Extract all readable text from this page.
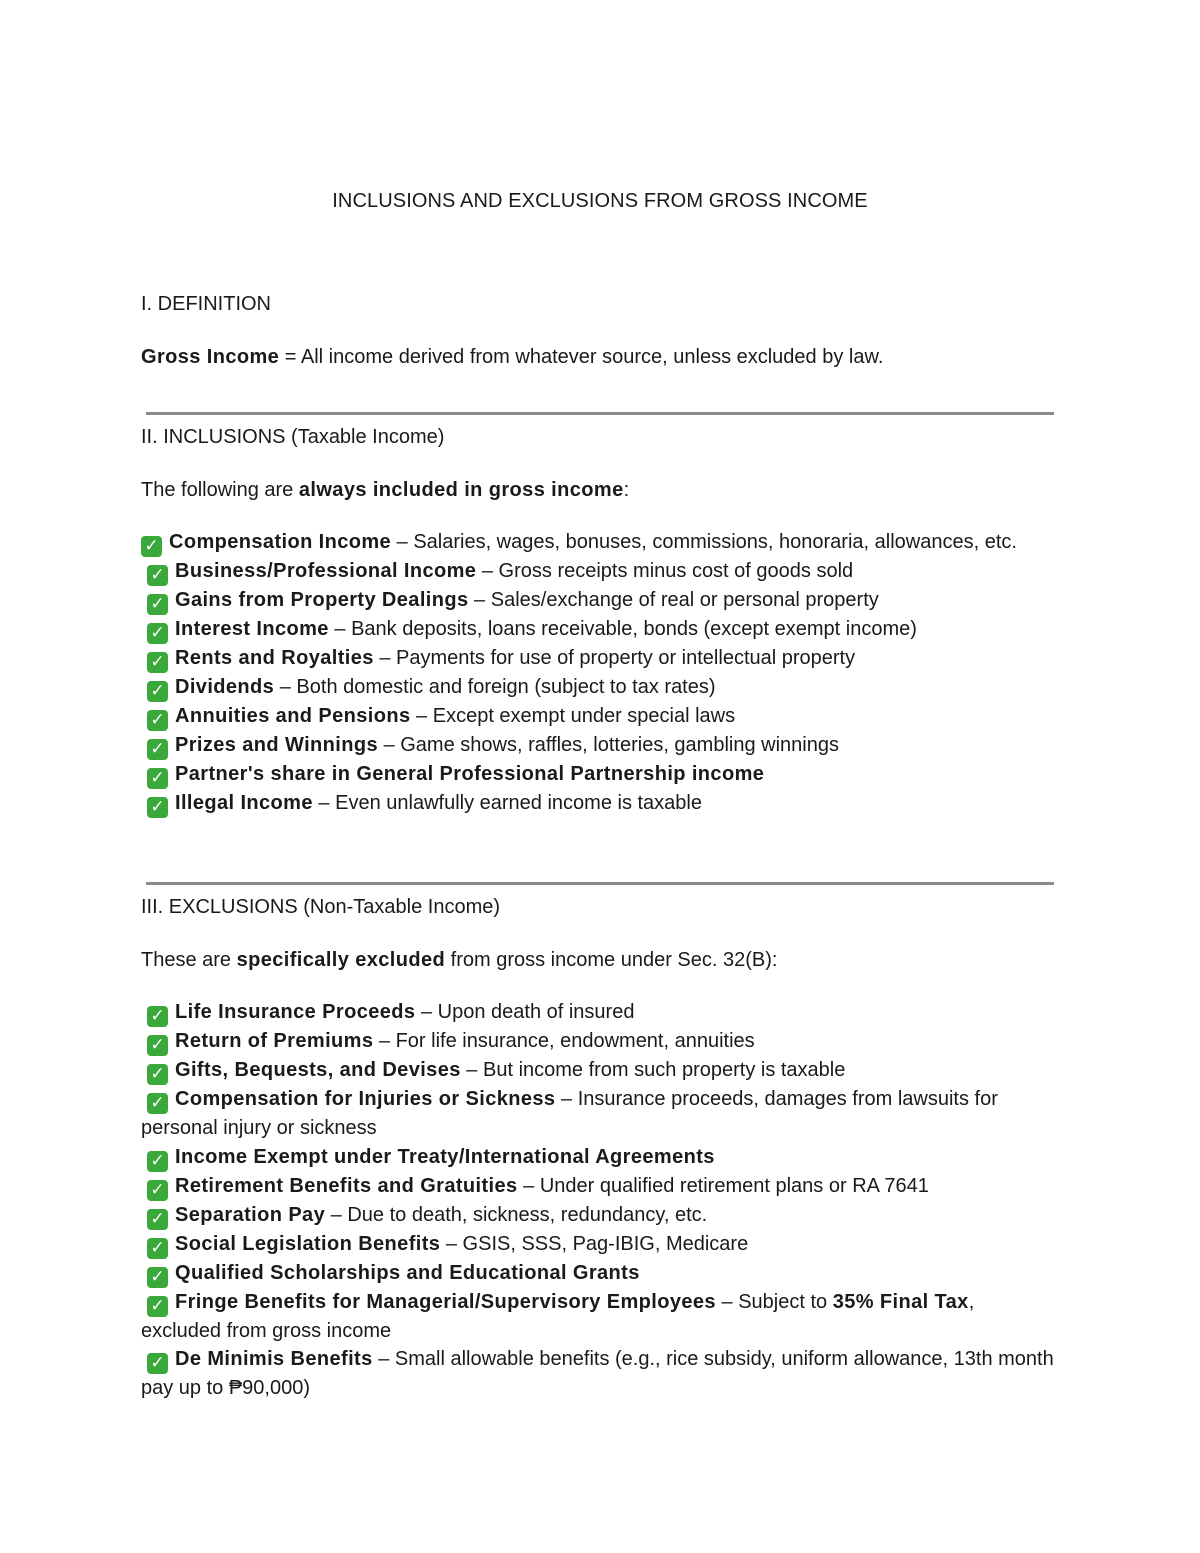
INCLUSIONS AND EXCLUSIONS FROM GROSS INCOME
I. DEFINITION
Gross Income = All income derived from whatever source, unless excluded by law.
II. INCLUSIONS (Taxable Income)
The following are always included in gross income:
✓ Compensation Income – Salaries, wages, bonuses, commissions, honoraria, allowances, etc.
✓ Business/Professional Income – Gross receipts minus cost of goods sold
✓ Gains from Property Dealings – Sales/exchange of real or personal property
✓ Interest Income – Bank deposits, loans receivable, bonds (except exempt income)
✓ Rents and Royalties – Payments for use of property or intellectual property
✓ Dividends – Both domestic and foreign (subject to tax rates)
✓ Annuities and Pensions – Except exempt under special laws
✓ Prizes and Winnings – Game shows, raffles, lotteries, gambling winnings
✓ Partner's share in General Professional Partnership income
✓ Illegal Income – Even unlawfully earned income is taxable
III. EXCLUSIONS (Non-Taxable Income)
These are specifically excluded from gross income under Sec. 32(B):
✓ Life Insurance Proceeds – Upon death of insured
✓ Return of Premiums – For life insurance, endowment, annuities
✓ Gifts, Bequests, and Devises – But income from such property is taxable
✓ Compensation for Injuries or Sickness – Insurance proceeds, damages from lawsuits for personal injury or sickness
✓ Income Exempt under Treaty/International Agreements
✓ Retirement Benefits and Gratuities – Under qualified retirement plans or RA 7641
✓ Separation Pay – Due to death, sickness, redundancy, etc.
✓ Social Legislation Benefits – GSIS, SSS, Pag-IBIG, Medicare
✓ Qualified Scholarships and Educational Grants
✓ Fringe Benefits for Managerial/Supervisory Employees – Subject to 35% Final Tax, excluded from gross income
✓ De Minimis Benefits – Small allowable benefits (e.g., rice subsidy, uniform allowance, 13th month pay up to ₱90,000)
